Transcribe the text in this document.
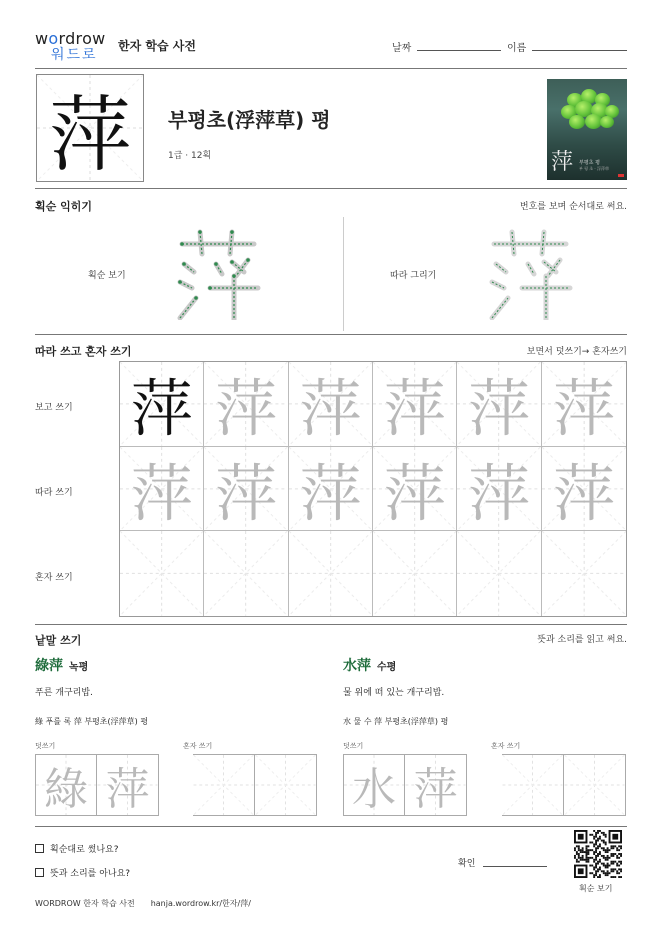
wordrow
워드로
한자 학습 사전	날짜	이름
萍	부평초(浮萍草) 평
1급 · 12획	萍 부평초 평
부 평 초 · 浮萍草
획순 익히기	번호를 보며 순서대로 써요.
획순 보기	따라 그리기
따라 쓰고 혼자 쓰기	보면서 덧쓰기→ 혼자쓰기
보고 쓰기
따라 쓰기
혼자 쓰기
萍 萍 萍 萍 萍 萍
萍 萍 萍 萍 萍 萍
낱말 쓰기	뜻과 소리를 읽고 써요.
綠萍 녹평
푸른 개구리밥.
綠 푸를 록 萍 부평초(浮萍草) 평
덧쓰기	혼자 쓰기
綠 萍
水萍 수평
물 위에 떠 있는 개구리밥.
水 물 수 萍 부평초(浮萍草) 평
덧쓰기	혼자 쓰기
水 萍
획순대로 썼나요?
뜻과 소리를 아나요?
확인
획순 보기
WORDROW 한자 학습 사전 hanja.wordrow.kr/한자/萍/
